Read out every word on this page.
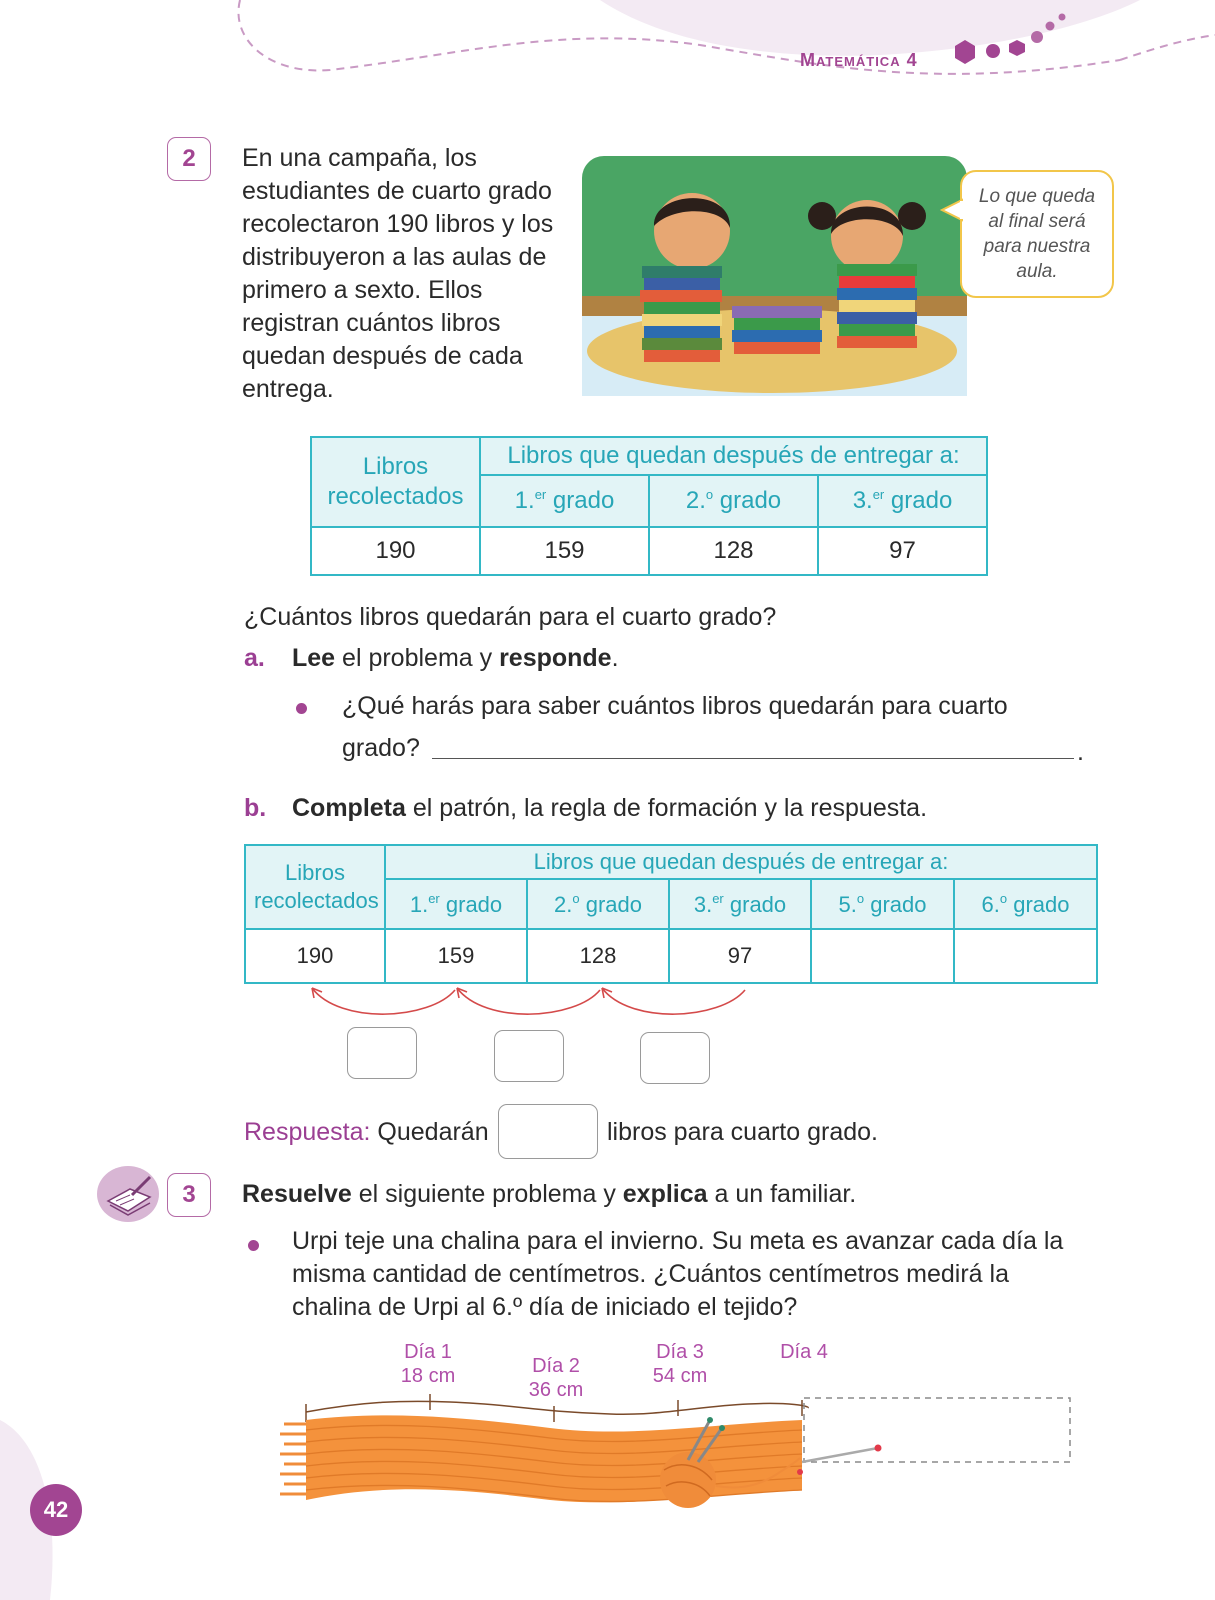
Matemática 4
2	En una campaña, los estudiantes de cuarto grado recolectaron 190 libros y los distribuyeron a las aulas de primero a sexto. Ellos registran cuántos libros quedan después de cada entrega.
Lo que queda al final será para nuestra aula.
Libros recolectados	Libros que quedan después de entregar a:		
	1.$^{er}$ grado	2.$^o$ grado	3.$^{er}$ grado
190	159	128	97
¿Cuántos libros quedarán para el cuarto grado?
a. Lee el problema y responde.
¿Qué harás para saber cuántos libros quedarán para cuarto
grado?	.
b. Completa el patrón, la regla de formación y la respuesta.
Libros recolectados	Libros que quedan después de entregar a:				
	1.$^{er}$ grado	2.$^o$ grado	3.$^{er}$ grado	5.$^o$ grado	6.$^o$ grado
190	159	128	97		
Respuesta: Quedarán	libros para cuarto grado.
3	Resuelve el siguiente problema y explica a un familiar.
Urpi teje una chalina para el invierno. Su meta es avanzar cada día la misma cantidad de centímetros. ¿Cuántos centímetros medirá la chalina de Urpi al 6.º día de iniciado el tejido?
Día 1
18 cm	Día 2
36 cm
Día 3
54 cm
Día 4
42
